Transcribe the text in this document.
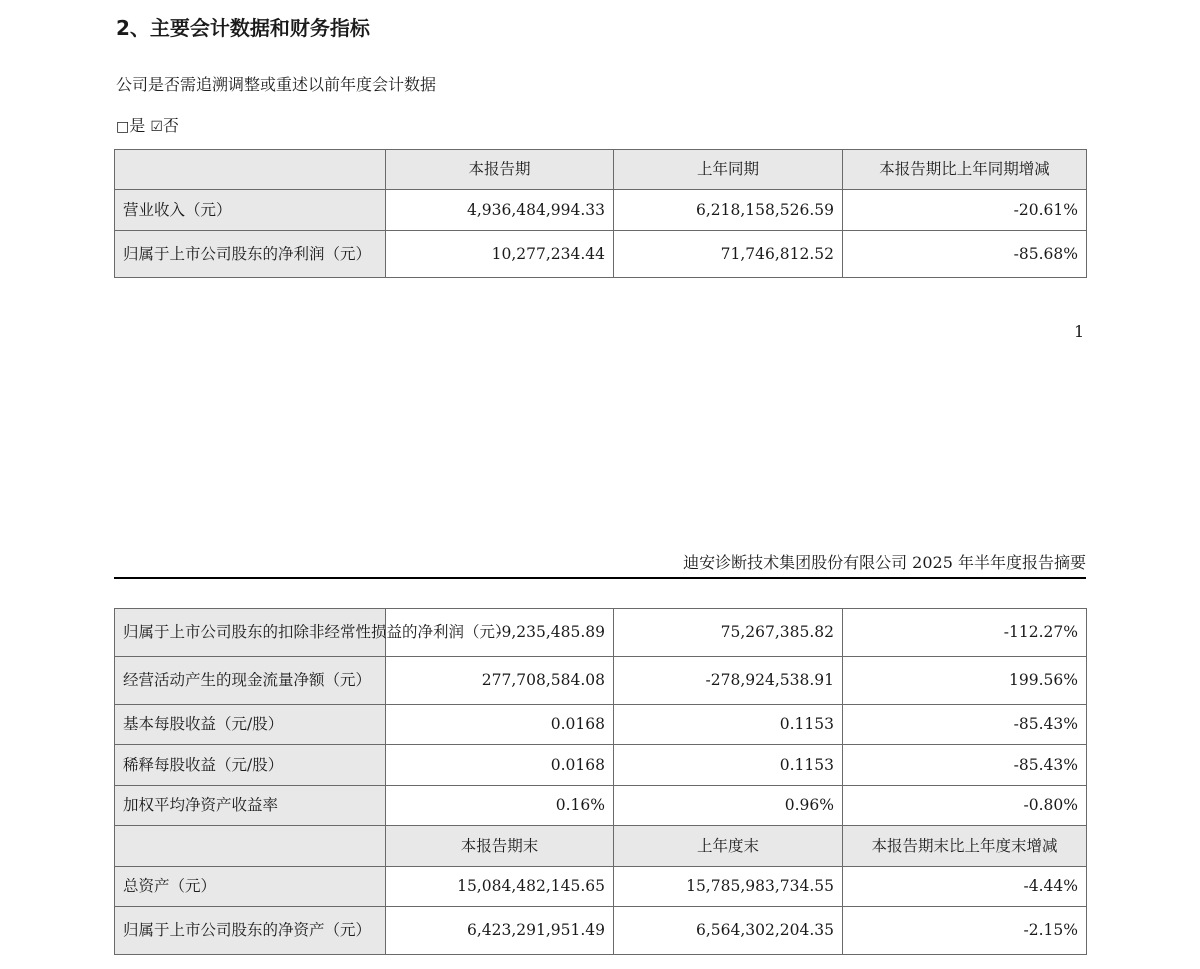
2、主要会计数据和财务指标
公司是否需追溯调整或重述以前年度会计数据
□是 ☑否
	本报告期	上年同期	本报告期比上年同期增减
营业收入（元）	4,936,484,994.33	6,218,158,526.59	-20.61%
归属于上市公司股东的净利润（元）	10,277,234.44	71,746,812.52	-85.68%
1
迪安诊断技术集团股份有限公司 2025 年半年度报告摘要
归属于上市公司股东的扣除非经常性损益的净利润（元）	-9,235,485.89	75,267,385.82	-112.27%
经营活动产生的现金流量净额（元）	277,708,584.08	-278,924,538.91	199.56%
基本每股收益（元/股）	0.0168	0.1153	-85.43%
稀释每股收益（元/股）	0.0168	0.1153	-85.43%
加权平均净资产收益率	0.16%	0.96%	-0.80%
	本报告期末	上年度末	本报告期末比上年度末增减
总资产（元）	15,084,482,145.65	15,785,983,734.55	-4.44%
归属于上市公司股东的净资产（元）	6,423,291,951.49	6,564,302,204.35	-2.15%
